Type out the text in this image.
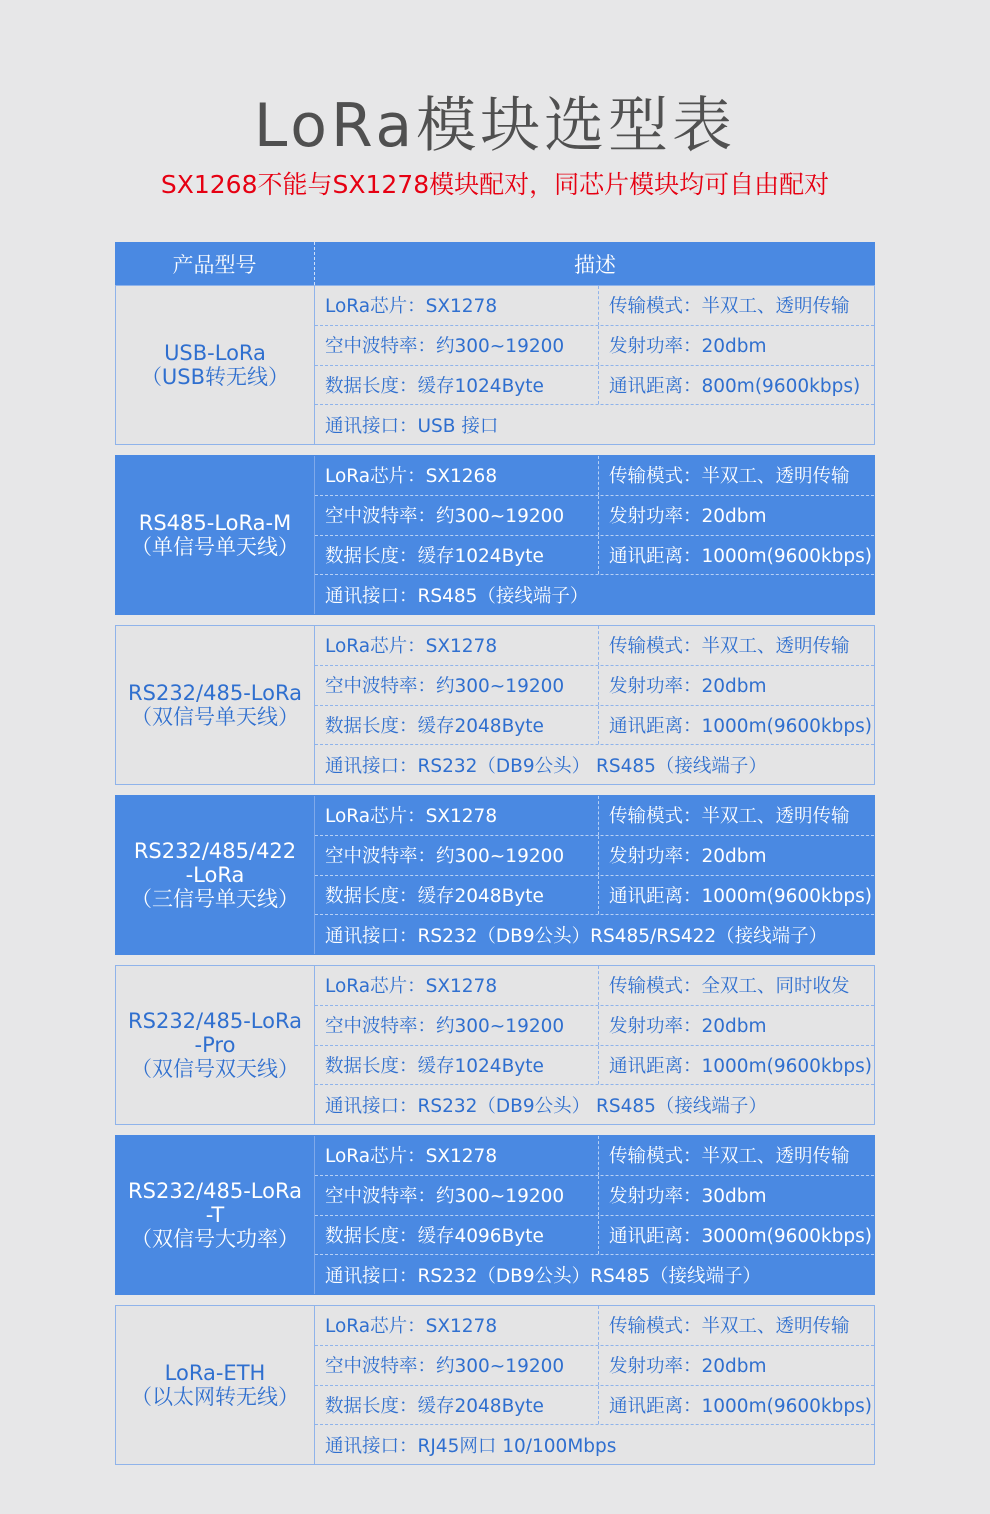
LoRa模块选型表
SX1268不能与SX1278模块配对，同芯片模块均可自由配对
产品型号	描述
USB-LoRa
（USB转无线）
LoRa芯片：SX1278	传输模式：半双工、透明传输
空中波特率：约300~19200	发射功率：20dbm
数据长度：缓存1024Byte	通讯距离：800m(9600kbps)
通讯接口：USB 接口
RS485-LoRa-M
（单信号单天线）
LoRa芯片：SX1268	传输模式：半双工、透明传输
空中波特率：约300~19200	发射功率：20dbm
数据长度：缓存1024Byte	通讯距离：1000m(9600kbps)
通讯接口：RS485（接线端子）
RS232/485-LoRa
（双信号单天线）
LoRa芯片：SX1278	传输模式：半双工、透明传输
空中波特率：约300~19200	发射功率：20dbm
数据长度：缓存2048Byte	通讯距离：1000m(9600kbps)
通讯接口：RS232（DB9公头） RS485（接线端子）
RS232/485/422
-LoRa
（三信号单天线）
LoRa芯片：SX1278	传输模式：半双工、透明传输
空中波特率：约300~19200	发射功率：20dbm
数据长度：缓存2048Byte	通讯距离：1000m(9600kbps)
通讯接口：RS232（DB9公头）RS485/RS422（接线端子）
RS232/485-LoRa
-Pro
（双信号双天线）
LoRa芯片：SX1278	传输模式：全双工、同时收发
空中波特率：约300~19200	发射功率：20dbm
数据长度：缓存1024Byte	通讯距离：1000m(9600kbps)
通讯接口：RS232（DB9公头） RS485（接线端子）
RS232/485-LoRa
-T
（双信号大功率）
LoRa芯片：SX1278	传输模式：半双工、透明传输
空中波特率：约300~19200	发射功率：30dbm
数据长度：缓存4096Byte	通讯距离：3000m(9600kbps)
通讯接口：RS232（DB9公头）RS485（接线端子）
LoRa-ETH
（以太网转无线）
LoRa芯片：SX1278	传输模式：半双工、透明传输
空中波特率：约300~19200	发射功率：20dbm
数据长度：缓存2048Byte	通讯距离：1000m(9600kbps)
通讯接口：RJ45网口 10/100Mbps
